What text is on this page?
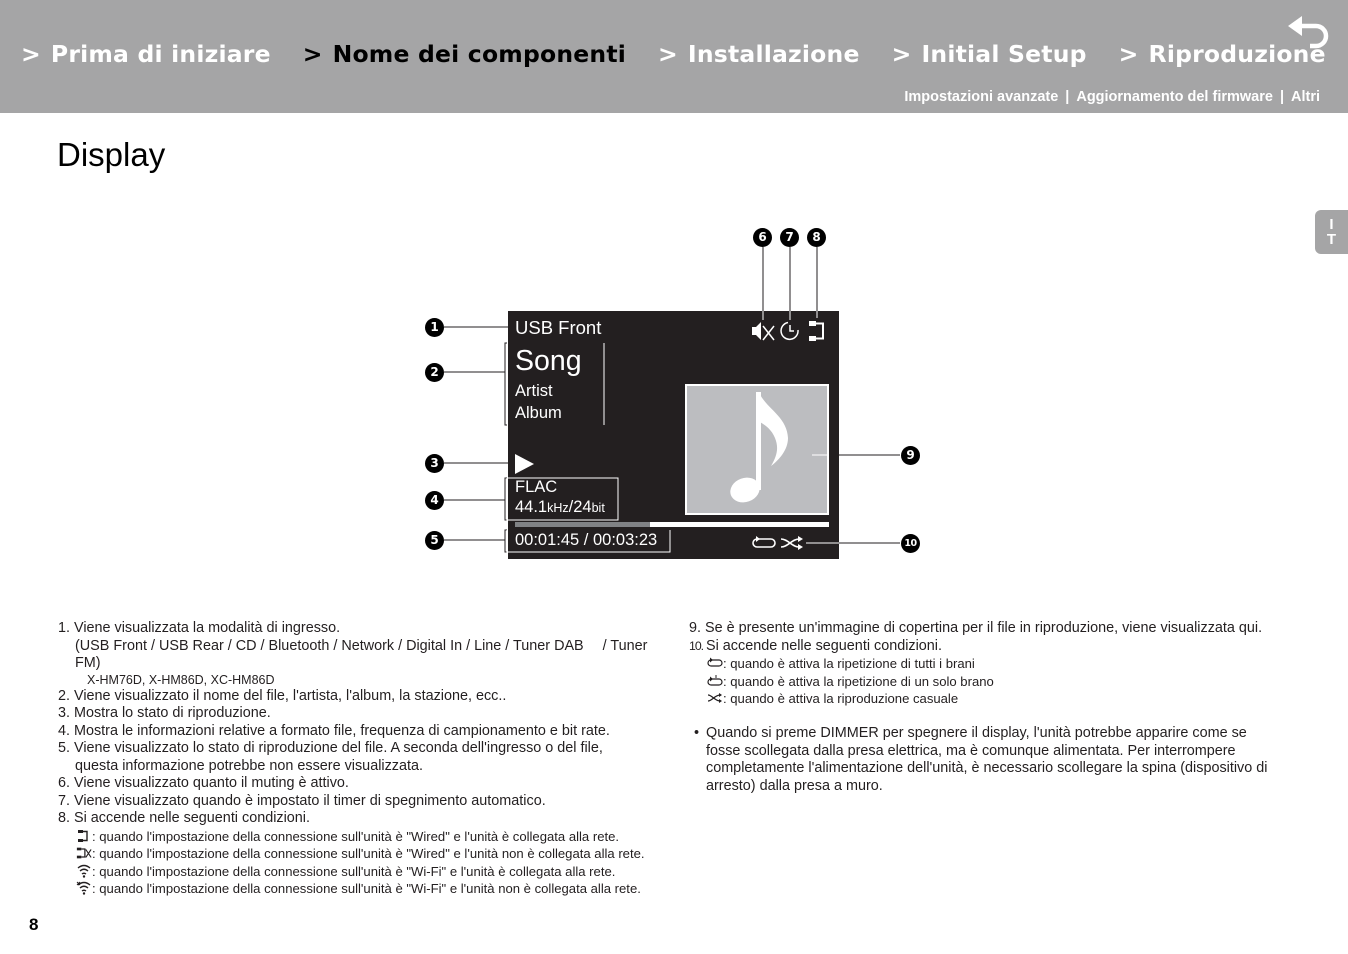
> Prima di iniziare > Nome dei componenti > Installazione > Initial Setup > Riproduzione
Impostazioni avanzate | Aggiornamento del firmware | Altri
Display
I
T
USB Front
Song
Artist
Album
FLAC
44.1kHz/24bit
00:01:45 / 00:03:23
1
2
3
4
5
6	7	8
9
10

1. Viene visualizzata la modalità di ingresso.

(USB Front / USB Rear / CD / Bluetooth / Network / Digital In / Line / Tuner DAB / Tuner

FM)

X-HM76D, X-HM86D, XC-HM86D

2. Viene visualizzato il nome del file, l'artista, l'album, la stazione, ecc..

3. Mostra lo stato di riproduzione.

4. Mostra le informazioni relative a formato file, frequenza di campionamento e bit rate.

5. Viene visualizzato lo stato di riproduzione del file. A seconda dell'ingresso o del file,

questa informazione potrebbe non essere visualizzata.

6. Viene visualizzato quanto il muting è attivo.

7. Viene visualizzato quando è impostato il timer di spegnimento automatico.

8. Si accende nelle seguenti condizioni.

: quando l'impostazione della connessione sull'unità è "Wired" e l'unità è collegata alla rete.

: quando l'impostazione della connessione sull'unità è "Wired" e l'unità non è collegata alla rete.

: quando l'impostazione della connessione sull'unità è "Wi-Fi" e l'unità è collegata alla rete.

: quando l'impostazione della connessione sull'unità è "Wi-Fi" e l'unità non è collegata alla rete.

9. Se è presente un'immagine di copertina per il file in riproduzione, viene visualizzata qui.

10. Si accende nelle seguenti condizioni.

: quando è attiva la ripetizione di tutti i brani

: quando è attiva la ripetizione di un solo brano

: quando è attiva la riproduzione casuale

• Quando si preme DIMMER per spegnere il display, l'unità potrebbe apparire come se

fosse scollegata dalla presa elettrica, ma è comunque alimentata. Per interrompere

completamente l'alimentazione dell'unità, è necessario scollegare la spina (dispositivo di

arresto) dalla presa a muro.

8
